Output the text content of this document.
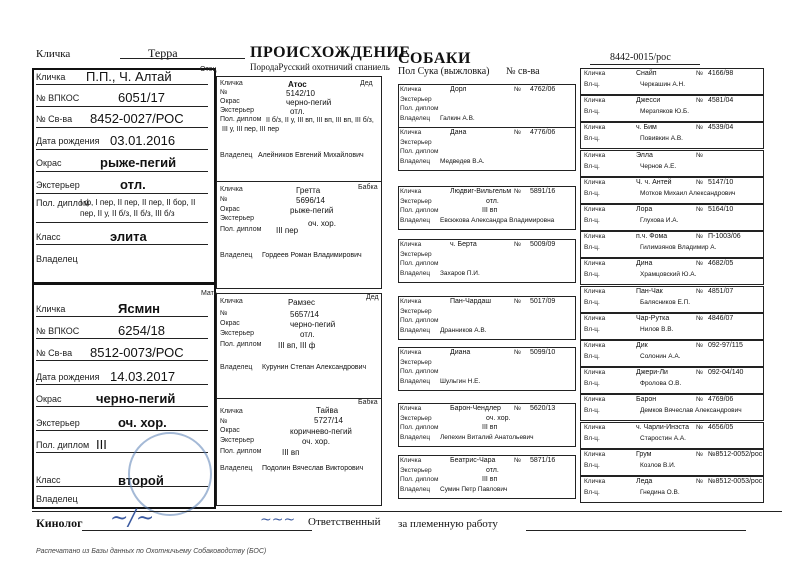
Кличка	Терра	ПРОИСХОЖДЕНИЕ
ПородаРусский охотничий спаниель СОБАКИ
Пол Сука (выжловка) № св-ва
8442-0015/рос
Отец
Мать
Кличка П.П., Ч. Алтай
№ ВПКОС	6051/17
№ Св-ва 8452-0027/РОС
Дата рождения 03.01.2016
Окрас	рыже-пегий
Экстерьер	отл.
Пол. диплом
I ф, I пер, II пер, II пер, II бор, II пер, II у, II б/з, II б/з, III б/з
Класс	элита
Владелец
Кличка	Ясмин
№ ВПКОС	6254/18
№ Св-ва 8512-0073/РОС
Дата рождения 14.03.2017
Окрас	черно-пегий
Экстерьер	оч. хор.
Пол. диплом III
Класс	второй
Владелец
Дед
Кличка	Атос
№	5142/10
Окрас	черно-пегий
Экстерьер	отл.
Пол. диплом II б/з, II у, III вп, III вп, III вп, III б/з, III у, III пер, III пер
Владелец Алейников Евгений Михайлович
Бабка
Кличка	Гретта
№	5696/14
Окрас	рыже-пегий
Экстерьер
оч. хор.
Пол. диплом III пер
Владелец Гордеев Роман Владимирович
Дед
Кличка	Рамзес
№	5657/14
Окрас	черно-пегий
Экстерьер	отл.
Пол. диплом III вп, III ф
Владелец Курунин Степан Александрович
Бабка
Кличка	Тайва
№	5727/14
Окрас	коричнево-пегий
Экстерьер	оч. хор.
Пол. диплом	III вп
Владелец Подолин Вячеслав Викторович
Кличка	Дорл	№ 4762/06
Экстерьер
Пол. диплом
Владелец Галкин А.В.
Кличка	Дана	№ 4776/06
Экстерьер
Пол. диплом
Владелец Медведев В.А.
Кличка	Людвиг-Вильгельм № 5891/16
Экстерьер	отл.
Пол. диплом	III вп
Владелец Евсюкова Александра Владимировна
Кличка	ч. Берта	№ 5009/09
Экстерьер
Пол. диплом
Владелец Захаров П.И.
Кличка	Пан-Чардаш	№ 5017/09
Экстерьер
Пол. диплом
Владелец Дранников А.В.
Кличка	Диана	№ 5099/10
Экстерьер
Пол. диплом
Владелец Шульгин Н.Е.
Кличка	Барон-Чендлер № 5620/13
Экстерьер	оч. хор.
Пол. диплом	III вп
Владелец Лепехин Виталий Анатольевич
Кличка	Беатрис-Чара	№ 5871/16
Экстерьер	отл.
Пол. диплом	III вп
Владелец Сумин Петр Павлович
Кличка	Снайп	№ 4166/98
Вл-ц.	Черкашин А.Н.
Кличка	Джесси	№ 4581/04
Вл-ц.	Мерзляков Ю.Б.
Кличка	ч. Бим	№ 4539/04
Вл-ц.	Повивкин А.В.
Кличка	Элла	№
Вл-ц.	Чернов А.Е.
Кличка	Ч. ч. Антей	№ 5147/10
Вл-ц.	Мотков Михаил Александрович
Кличка	Лора	№ 5164/10
Вл-ц.	Глухова И.А.
Кличка	п.ч. Фома	№ П-1003/06
Вл-ц.	Гилимзянов Владимир А.
Кличка	Дина	№ 4682/05
Вл-ц.	Храмцовский Ю.А.
Кличка	Пан-Чак	№ 4851/07
Вл-ц.	Балясников Е.П.
Кличка	Чар-Рутка	№ 4846/07
Вл-ц.	Нилов В.В.
Кличка	Дик	№ 092-97/115
Вл-ц.	Солонин А.А.
Кличка	Джери-Ли	№ 092-04/140
Вл-ц.	Фролова О.В.
Кличка	Барон	№ 4769/06
Вл-ц.	Демков Вячеслав Александрович
Кличка	ч. Чарли-Инэста № 4656/05
Вл-ц.	Старостин А.А.
Кличка	Грум	№ №8512-0052/рос
Вл-ц.	Козлов В.И.
Кличка	Леда	№ №8512-0053/рос
Вл-ц.	Гнедина О.В.
Кинолог ~/~	~~~ Ответственный за племенную работу
Распечатано из Базы данных по Охотничьему Собаководству (БОС)
